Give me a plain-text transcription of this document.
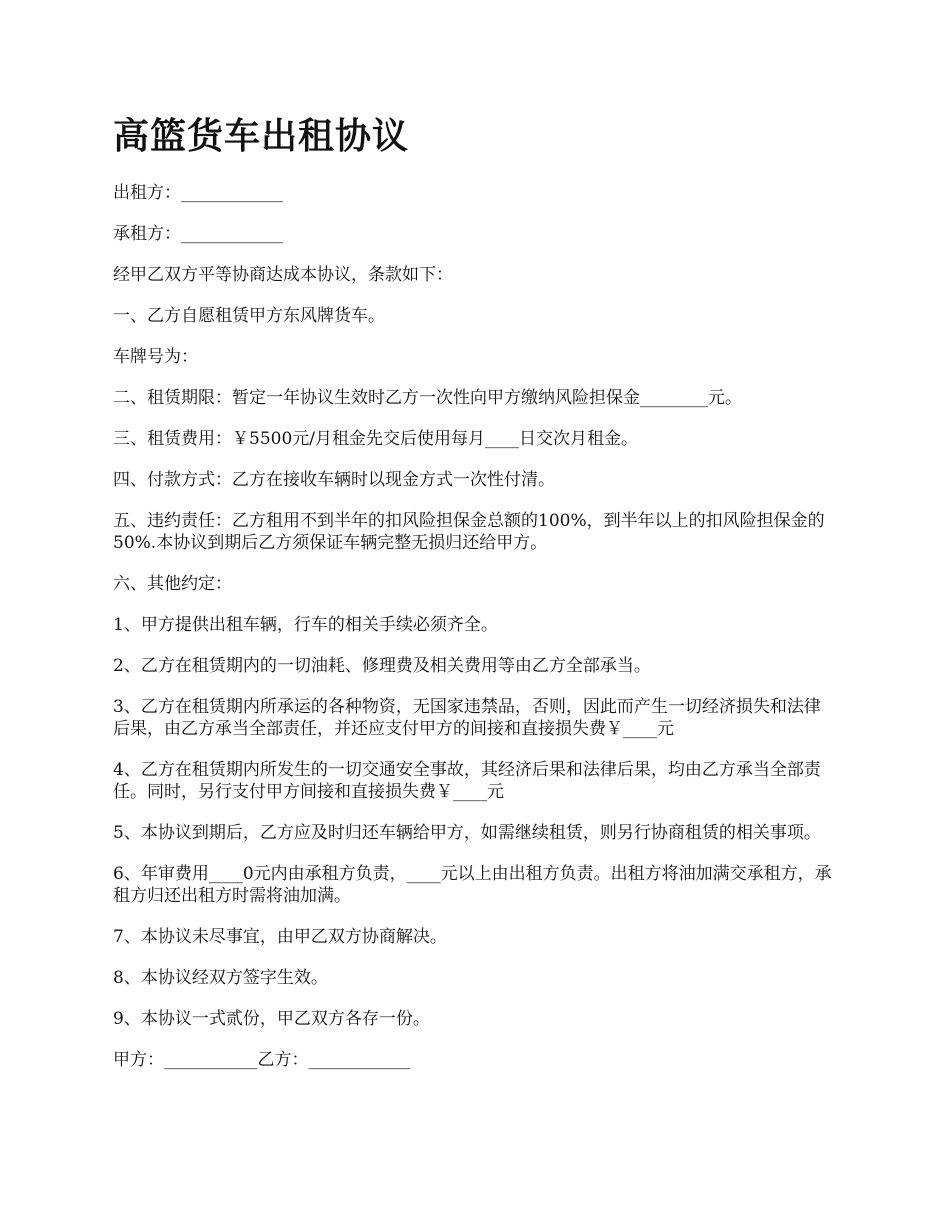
高篮货车出租协议

出租方：____________

承租方：____________

经甲乙双方平等协商达成本协议，条款如下：

一、乙方自愿租赁甲方东风牌货车。

车牌号为：

二、租赁期限：暂定一年协议生效时乙方一次性向甲方缴纳风险担保金________元。

三、租赁费用：￥5500元/月租金先交后使用每月____日交次月租金。

四、付款方式：乙方在接收车辆时以现金方式一次性付清。

五、违约责任：乙方租用不到半年的扣风险担保金总额的100%，到半年以上的扣风险担保金的50%.本协议到期后乙方须保证车辆完整无损归还给甲方。

六、其他约定：

1、甲方提供出租车辆，行车的相关手续必须齐全。

2、乙方在租赁期内的一切油耗、修理费及相关费用等由乙方全部承当。

3、乙方在租赁期内所承运的各种物资，无国家违禁品，否则，因此而产生一切经济损失和法律后果，由乙方承当全部责任，并还应支付甲方的间接和直接损失费￥____元

4、乙方在租赁期内所发生的一切交通安全事故，其经济后果和法律后果，均由乙方承当全部责任。同时，另行支付甲方间接和直接损失费￥____元

5、本协议到期后，乙方应及时归还车辆给甲方，如需继续租赁，则另行协商租赁的相关事项。

6、年审费用____0元内由承租方负责，____元以上由出租方负责。出租方将油加满交承租方，承租方归还出租方时需将油加满。

7、本协议未尽事宜，由甲乙双方协商解决。

8、本协议经双方签字生效。

9、本协议一式贰份，甲乙双方各存一份。

甲方：___________乙方：____________
